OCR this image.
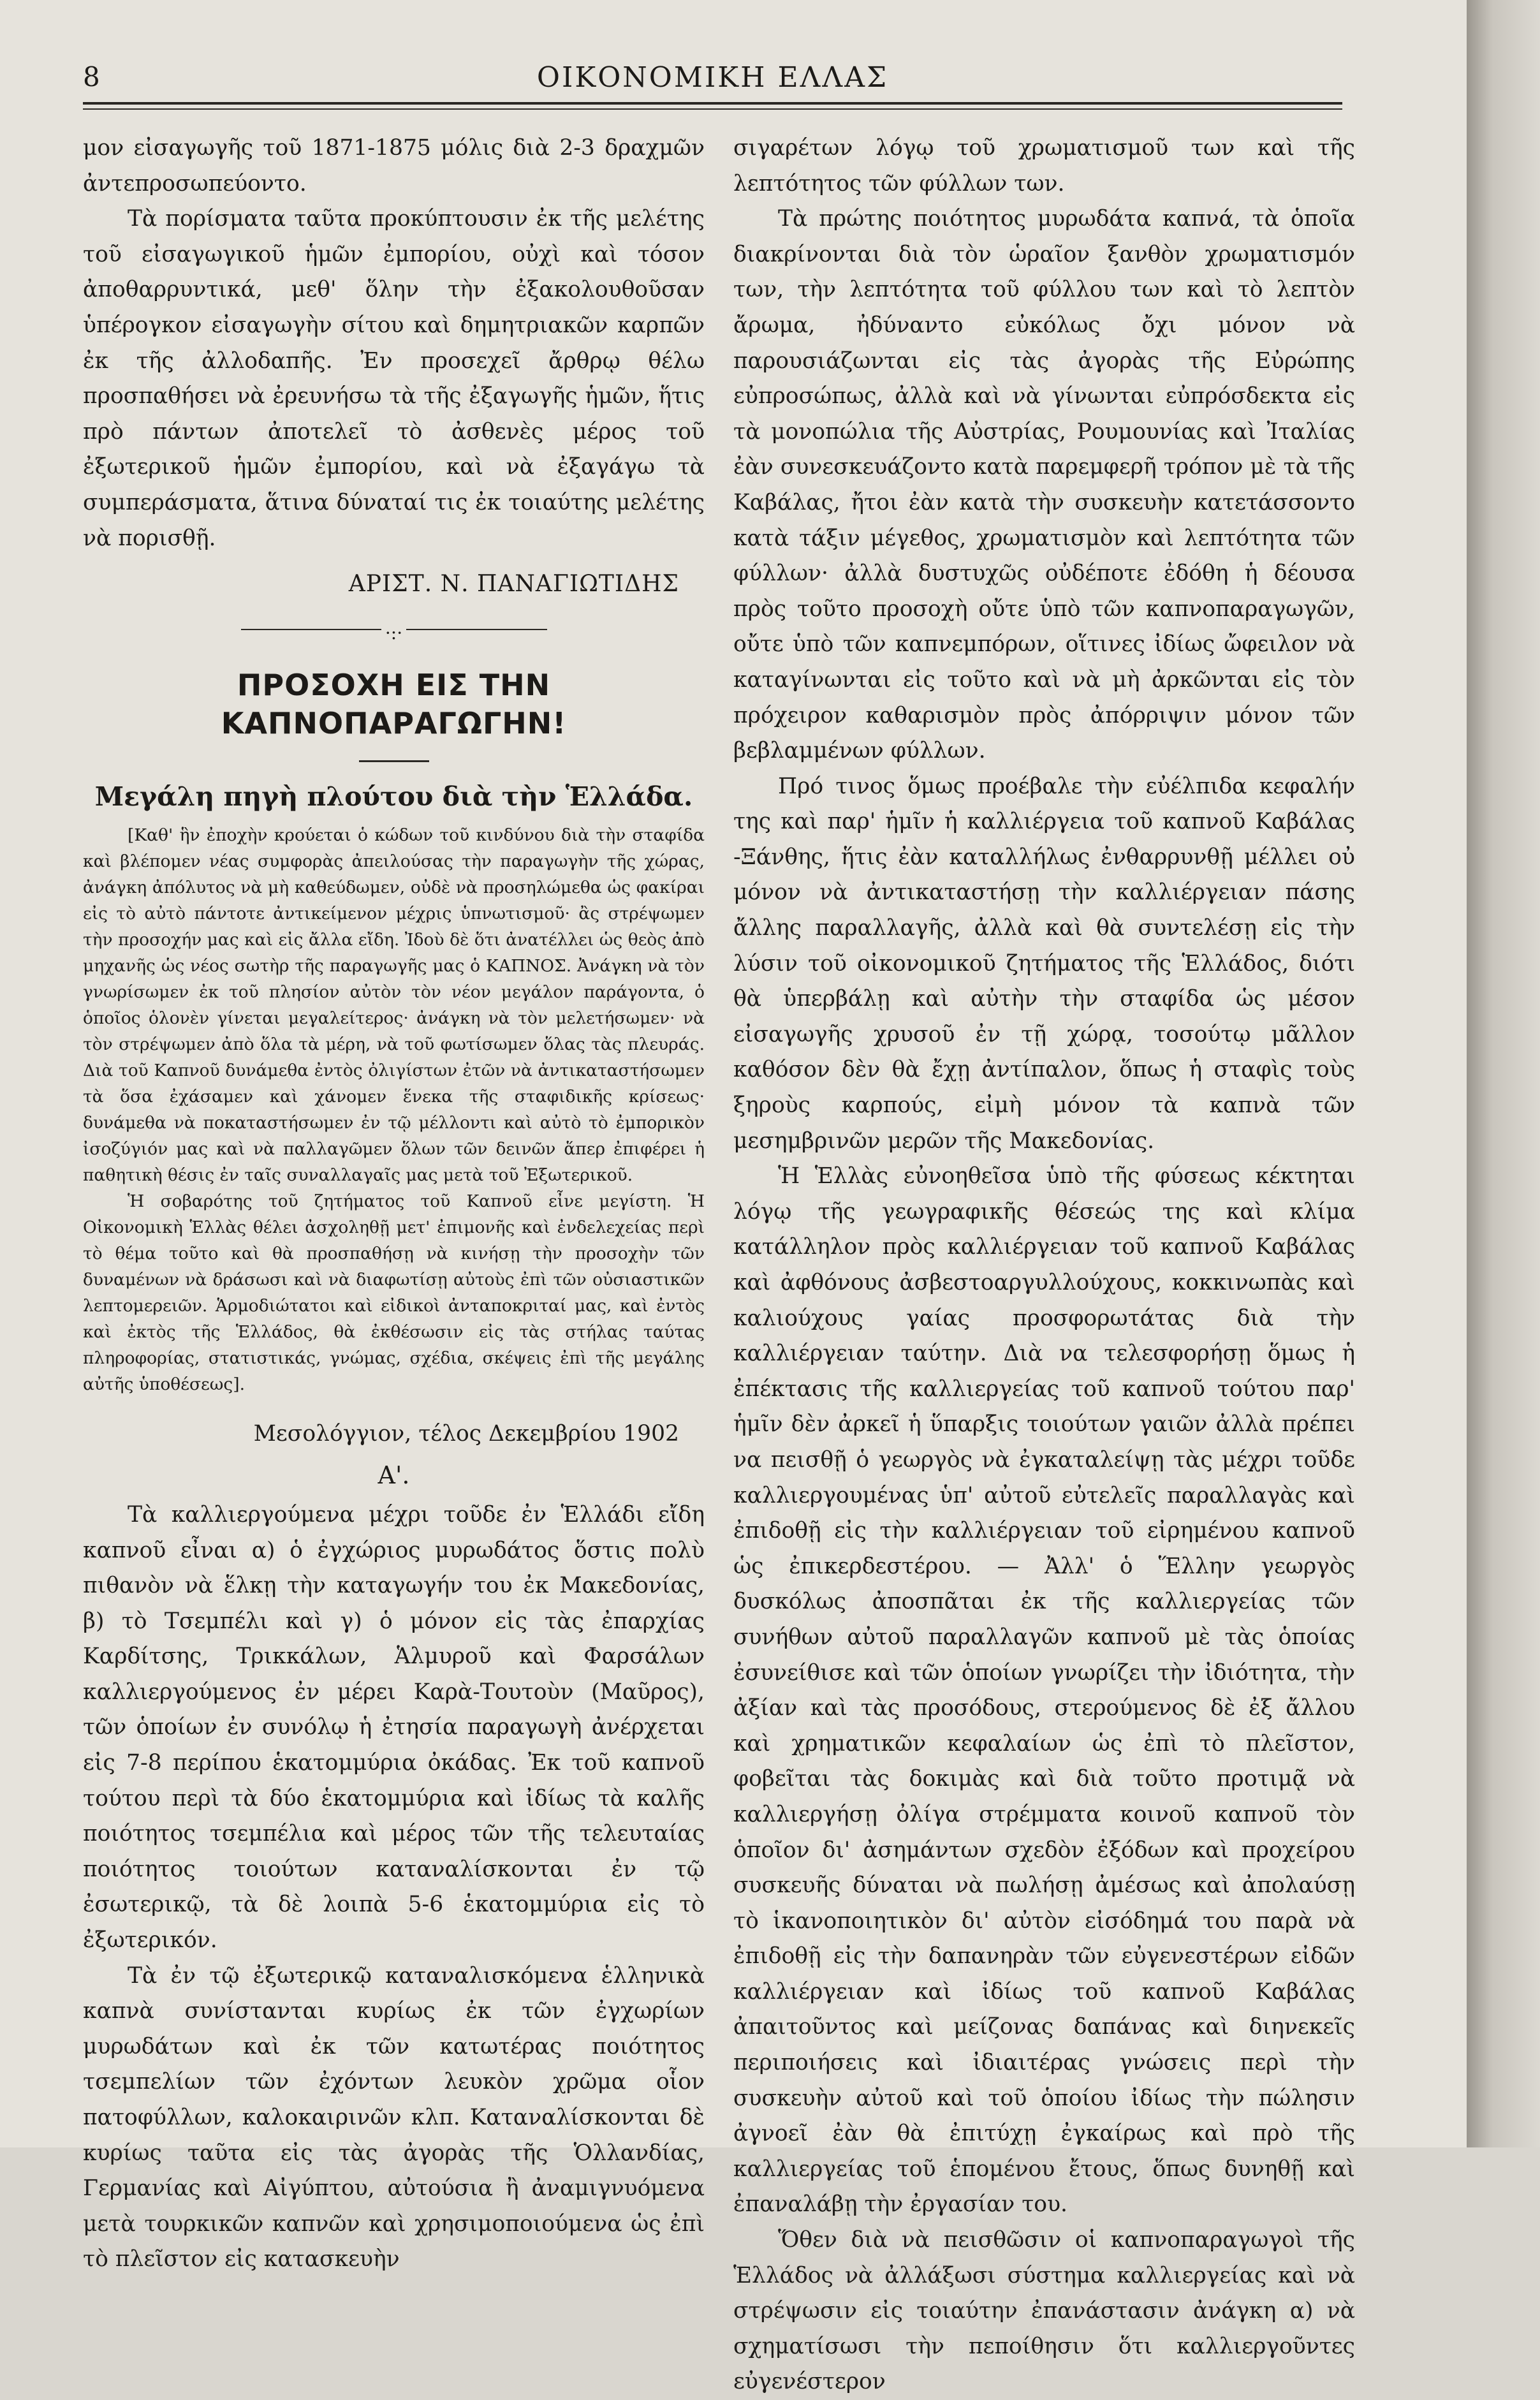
8	ΟΙΚΟΝΟΜΙΚΗ ΕΛΛΑΣ

μον εἰσαγωγῆς τοῦ 1871-1875 μόλις διὰ 2-3 δραχμῶν ἀντεπροσωπεύοντο.

Τὰ πορίσματα ταῦτα προκύπτουσιν ἐκ τῆς μελέτης τοῦ εἰσαγωγικοῦ ἡμῶν ἐμπορίου, οὐχὶ καὶ τόσον ἀποθαρρυντικά, μεθ' ὅλην τὴν ἐξακολουθοῦσαν ὑπέρογκον εἰσαγωγὴν σίτου καὶ δημητριακῶν καρπῶν ἐκ τῆς ἀλλοδαπῆς. Ἐν προσεχεῖ ἄρθρῳ θέλω προσπαθήσει νὰ ἐρευνήσω τὰ τῆς ἐξαγωγῆς ἡμῶν, ἥτις πρὸ πάντων ἀποτελεῖ τὸ ἀσθενὲς μέρος τοῦ ἐξωτερικοῦ ἡμῶν ἐμπορίου, καὶ νὰ ἐξαγάγω τὰ συμπεράσματα, ἅτινα δύναταί τις ἐκ τοιαύτης μελέτης νὰ πορισθῇ.

ΑΡΙΣΤ. Ν. ΠΑΝΑΓΙΩΤΙΔΗΣ

·:·

ΠΡΟΣΟΧΗ ΕΙΣ ΤΗΝ ΚΑΠΝΟΠΑΡΑΓΩΓΗΝ!

Μεγάλη πηγὴ πλούτου διὰ τὴν Ἑλλάδα.

[Καθ' ἣν ἐποχὴν κρούεται ὁ κώδων τοῦ κινδύνου διὰ τὴν σταφίδα καὶ βλέπομεν νέας συμφορὰς ἀπειλούσας τὴν παραγωγὴν τῆς χώρας, ἀνάγκη ἀπόλυτος νὰ μὴ καθεύδωμεν, οὐδὲ νὰ προσηλώμεθα ὡς φακίραι εἰς τὸ αὐτὸ πάντοτε ἀντικείμενον μέχρις ὑπνωτισμοῦ· ἂς στρέψωμεν τὴν προσοχήν μας καὶ εἰς ἄλλα εἴδη. Ἰδοὺ δὲ ὅτι ἀνατέλλει ὡς θεὸς ἀπὸ μηχανῆς ὡς νέος σωτὴρ τῆς παραγωγῆς μας ὁ ΚΑΠΝΟΣ. Ἀνάγκη νὰ τὸν γνωρίσωμεν ἐκ τοῦ πλησίον αὐτὸν τὸν νέον μεγάλον παράγοντα, ὁ ὁποῖος ὁλονὲν γίνεται μεγαλείτερος· ἀνάγκη νὰ τὸν μελετήσωμεν· νὰ τὸν στρέψωμεν ἀπὸ ὅλα τὰ μέρη, νὰ τοῦ φωτίσωμεν ὅλας τὰς πλευράς. Διὰ τοῦ Καπνοῦ δυνάμεθα ἐντὸς ὀλιγίστων ἐτῶν νὰ ἀντικαταστήσωμεν τὰ ὅσα ἐχάσαμεν καὶ χάνομεν ἕνεκα τῆς σταφιδικῆς κρίσεως· δυνάμεθα νὰ ποκαταστήσωμεν ἐν τῷ μέλλοντι καὶ αὐτὸ τὸ ἐμπορικὸν ἰσοζύγιόν μας καὶ νὰ παλλαγῶμεν ὅλων τῶν δεινῶν ἅπερ ἐπιφέρει ἡ παθητικὴ θέσις ἐν ταῖς συναλλαγαῖς μας μετὰ τοῦ Ἐξωτερικοῦ.

Ἡ σοβαρότης τοῦ ζητήματος τοῦ Καπνοῦ εἶνε μεγίστη. Ἡ Οἰκονομικὴ Ἑλλὰς θέλει ἀσχοληθῇ μετ' ἐπιμονῆς καὶ ἐνδελεχείας περὶ τὸ θέμα τοῦτο καὶ θὰ προσπαθήσῃ νὰ κινήσῃ τὴν προσοχὴν τῶν δυναμένων νὰ δράσωσι καὶ νὰ διαφωτίσῃ αὐτοὺς ἐπὶ τῶν οὐσιαστικῶν λεπτομερειῶν. Ἁρμοδιώτατοι καὶ εἰδικοὶ ἀνταποκριταί μας, καὶ ἐντὸς καὶ ἐκτὸς τῆς Ἑλλάδος, θὰ ἐκθέσωσιν εἰς τὰς στήλας ταύτας πληροφορίας, στατιστικάς, γνώμας, σχέδια, σκέψεις ἐπὶ τῆς μεγάλης αὐτῆς ὑποθέσεως].

Μεσολόγγιον, τέλος Δεκεμβρίου 1902

Α'.

Τὰ καλλιεργούμενα μέχρι τοῦδε ἐν Ἑλλάδι εἴδη καπνοῦ εἶναι α) ὁ ἐγχώριος μυρωδάτος ὅστις πολὺ πιθανὸν νὰ ἕλκῃ τὴν καταγωγήν του ἐκ Μακεδονίας, β) τὸ Τσεμπέλι καὶ γ) ὁ μόνον εἰς τὰς ἐπαρχίας Καρδίτσης, Τρικκάλων, Ἁλμυροῦ καὶ Φαρσάλων καλλιεργούμενος ἐν μέρει Καρὰ-Τουτοὺν (Μαῦρος), τῶν ὁποίων ἐν συνόλῳ ἡ ἐτησία παραγωγὴ ἀνέρχεται εἰς 7-8 περίπου ἑκατομμύρια ὀκάδας. Ἐκ τοῦ καπνοῦ τούτου περὶ τὰ δύο ἑκατομμύρια καὶ ἰδίως τὰ καλῆς ποιότητος τσεμπέλια καὶ μέρος τῶν τῆς τελευταίας ποιότητος τοιούτων καταναλίσκονται ἐν τῷ ἐσωτερικῷ, τὰ δὲ λοιπὰ 5-6 ἑκατομμύρια εἰς τὸ ἐξωτερικόν.

Τὰ ἐν τῷ ἐξωτερικῷ καταναλισκόμενα ἑλληνικὰ καπνὰ συνίστανται κυρίως ἐκ τῶν ἐγχωρίων μυρωδάτων καὶ ἐκ τῶν κατωτέρας ποιότητος τσεμπελίων τῶν ἐχόντων λευκὸν χρῶμα οἷον πατοφύλλων, καλοκαιρινῶν κλπ. Καταναλίσκονται δὲ κυρίως ταῦτα εἰς τὰς ἀγορὰς τῆς Ὁλλανδίας, Γερμανίας καὶ Αἰγύπτου, αὐτούσια ἢ ἀναμιγνυόμενα μετὰ τουρκικῶν καπνῶν καὶ χρησιμοποιούμενα ὡς ἐπὶ τὸ πλεῖστον εἰς κατασκευὴν

σιγαρέτων λόγῳ τοῦ χρωματισμοῦ των καὶ τῆς λεπτότητος τῶν φύλλων των.

Τὰ πρώτης ποιότητος μυρωδάτα καπνά, τὰ ὁποῖα διακρίνονται διὰ τὸν ὡραῖον ξανθὸν χρωματισμόν των, τὴν λεπτότητα τοῦ φύλλου των καὶ τὸ λεπτὸν ἄρωμα, ἠδύναντο εὐκόλως ὄχι μόνον νὰ παρουσιάζωνται εἰς τὰς ἀγορὰς τῆς Εὐρώπης εὐπροσώπως, ἀλλὰ καὶ νὰ γίνωνται εὐπρόσδεκτα εἰς τὰ μονοπώλια τῆς Αὐστρίας, Ρουμουνίας καὶ Ἰταλίας ἐὰν συνεσκευάζοντο κατὰ παρεμφερῆ τρόπον μὲ τὰ τῆς Καβάλας, ἤτοι ἐὰν κατὰ τὴν συσκευὴν κατετάσσοντο κατὰ τάξιν μέγεθος, χρωματισμὸν καὶ λεπτότητα τῶν φύλλων· ἀλλὰ δυστυχῶς οὐδέποτε ἐδόθη ἡ δέουσα πρὸς τοῦτο προσοχὴ οὔτε ὑπὸ τῶν καπνοπαραγωγῶν, οὔτε ὑπὸ τῶν καπνεμπόρων, οἵτινες ἰδίως ὤφειλον νὰ καταγίνωνται εἰς τοῦτο καὶ νὰ μὴ ἀρκῶνται εἰς τὸν πρόχειρον καθαρισμὸν πρὸς ἀπόρριψιν μόνον τῶν βεβλαμμένων φύλλων.

Πρό τινος ὅμως προέβαλε τὴν εὐέλπιδα κεφαλήν της καὶ παρ' ἡμῖν ἡ καλλιέργεια τοῦ καπνοῦ Καβάλας -Ξάνθης, ἥτις ἐὰν καταλλήλως ἐνθαρρυνθῇ μέλλει οὐ μόνον νὰ ἀντικαταστήσῃ τὴν καλλιέργειαν πάσης ἄλλης παραλλαγῆς, ἀλλὰ καὶ θὰ συντελέσῃ εἰς τὴν λύσιν τοῦ οἰκονομικοῦ ζητήματος τῆς Ἑλλάδος, διότι θὰ ὑπερβάλῃ καὶ αὐτὴν τὴν σταφίδα ὡς μέσον εἰσαγωγῆς χρυσοῦ ἐν τῇ χώρᾳ, τοσούτῳ μᾶλλον καθόσον δὲν θὰ ἔχῃ ἀντίπαλον, ὅπως ἡ σταφὶς τοὺς ξηροὺς καρπούς, εἰμὴ μόνον τὰ καπνὰ τῶν μεσημβρινῶν μερῶν τῆς Μακεδονίας.

Ἡ Ἑλλὰς εὐνοηθεῖσα ὑπὸ τῆς φύσεως κέκτηται λόγῳ τῆς γεωγραφικῆς θέσεώς της καὶ κλίμα κατάλληλον πρὸς καλλιέργειαν τοῦ καπνοῦ Καβάλας καὶ ἀφθόνους ἀσβεστοαργυλλούχους, κοκκινωπὰς καὶ καλιούχους γαίας προσφορωτάτας διὰ τὴν καλλιέργειαν ταύτην. Διὰ να τελεσφορήσῃ ὅμως ἡ ἐπέκτασις τῆς καλλιεργείας τοῦ καπνοῦ τούτου παρ' ἡμῖν δὲν ἀρκεῖ ἡ ὕπαρξις τοιούτων γαιῶν ἀλλὰ πρέπει να πεισθῇ ὁ γεωργὸς νὰ ἐγκαταλείψῃ τὰς μέχρι τοῦδε καλλιεργουμένας ὑπ' αὐτοῦ εὐτελεῖς παραλλαγὰς καὶ ἐπιδοθῇ εἰς τὴν καλλιέργειαν τοῦ εἰρημένου καπνοῦ ὡς ἐπικερδεστέρου. — Ἀλλ' ὁ Ἕλλην γεωργὸς δυσκόλως ἀποσπᾶται ἐκ τῆς καλλιεργείας τῶν συνήθων αὐτοῦ παραλλαγῶν καπνοῦ μὲ τὰς ὁποίας ἐσυνείθισε καὶ τῶν ὁποίων γνωρίζει τὴν ἰδιότητα, τὴν ἀξίαν καὶ τὰς προσόδους, στερούμενος δὲ ἐξ ἄλλου καὶ χρηματικῶν κεφαλαίων ὡς ἐπὶ τὸ πλεῖστον, φοβεῖται τὰς δοκιμὰς καὶ διὰ τοῦτο προτιμᾷ νὰ καλλιεργήσῃ ὀλίγα στρέμματα κοινοῦ καπνοῦ τὸν ὁποῖον δι' ἀσημάντων σχεδὸν ἐξόδων καὶ προχείρου συσκευῆς δύναται νὰ πωλήσῃ ἀμέσως καὶ ἀπολαύσῃ τὸ ἱκανοποιητικὸν δι' αὐτὸν εἰσόδημά του παρὰ νὰ ἐπιδοθῇ εἰς τὴν δαπανηρὰν τῶν εὐγενεστέρων εἰδῶν καλλιέργειαν καὶ ἰδίως τοῦ καπνοῦ Καβάλας ἀπαιτοῦντος καὶ μείζονας δαπάνας καὶ διηνεκεῖς περιποιήσεις καὶ ἰδιαιτέρας γνώσεις περὶ τὴν συσκευὴν αὐτοῦ καὶ τοῦ ὁποίου ἰδίως τὴν πώλησιν ἀγνοεῖ ἐὰν θὰ ἐπιτύχῃ ἐγκαίρως καὶ πρὸ τῆς καλλιεργείας τοῦ ἑπομένου ἔτους, ὅπως δυνηθῇ καὶ ἐπαναλάβῃ τὴν ἐργασίαν του.

Ὅθεν διὰ νὰ πεισθῶσιν οἱ καπνοπαραγωγοὶ τῆς Ἑλλάδος νὰ ἀλλάξωσι σύστημα καλλιεργείας καὶ νὰ στρέψωσιν εἰς τοιαύτην ἐπανάστασιν ἀνάγκη α) νὰ σχηματίσωσι τὴν πεποίθησιν ὅτι καλλιεργοῦντες εὐγενέστερον
